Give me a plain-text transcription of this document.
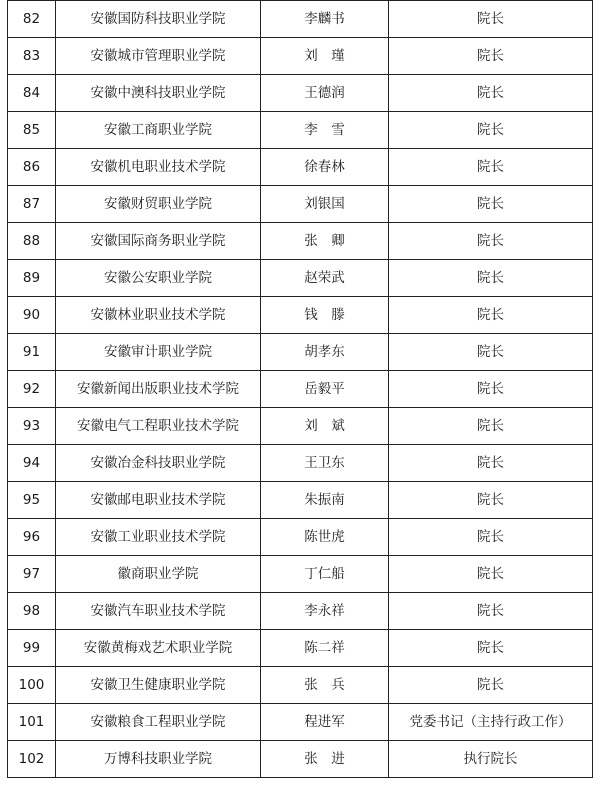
82	安徽国防科技职业学院	李麟书	院长
83	安徽城市管理职业学院	刘　瑾	院长
84	安徽中澳科技职业学院	王德润	院长
85	安徽工商职业学院	李　雪	院长
86	安徽机电职业技术学院	徐春林	院长
87	安徽财贸职业学院	刘银国	院长
88	安徽国际商务职业学院	张　卿	院长
89	安徽公安职业学院	赵荣武	院长
90	安徽林业职业技术学院	钱　滕	院长
91	安徽审计职业学院	胡孝东	院长
92	安徽新闻出版职业技术学院	岳毅平	院长
93	安徽电气工程职业技术学院	刘　斌	院长
94	安徽冶金科技职业学院	王卫东	院长
95	安徽邮电职业技术学院	朱振南	院长
96	安徽工业职业技术学院	陈世虎	院长
97	徽商职业学院	丁仁船	院长
98	安徽汽车职业技术学院	李永祥	院长
99	安徽黄梅戏艺术职业学院	陈二祥	院长
100	安徽卫生健康职业学院	张　兵	院长
101	安徽粮食工程职业学院	程进军	党委书记（主持行政工作）
102	万博科技职业学院	张　进	执行院长
